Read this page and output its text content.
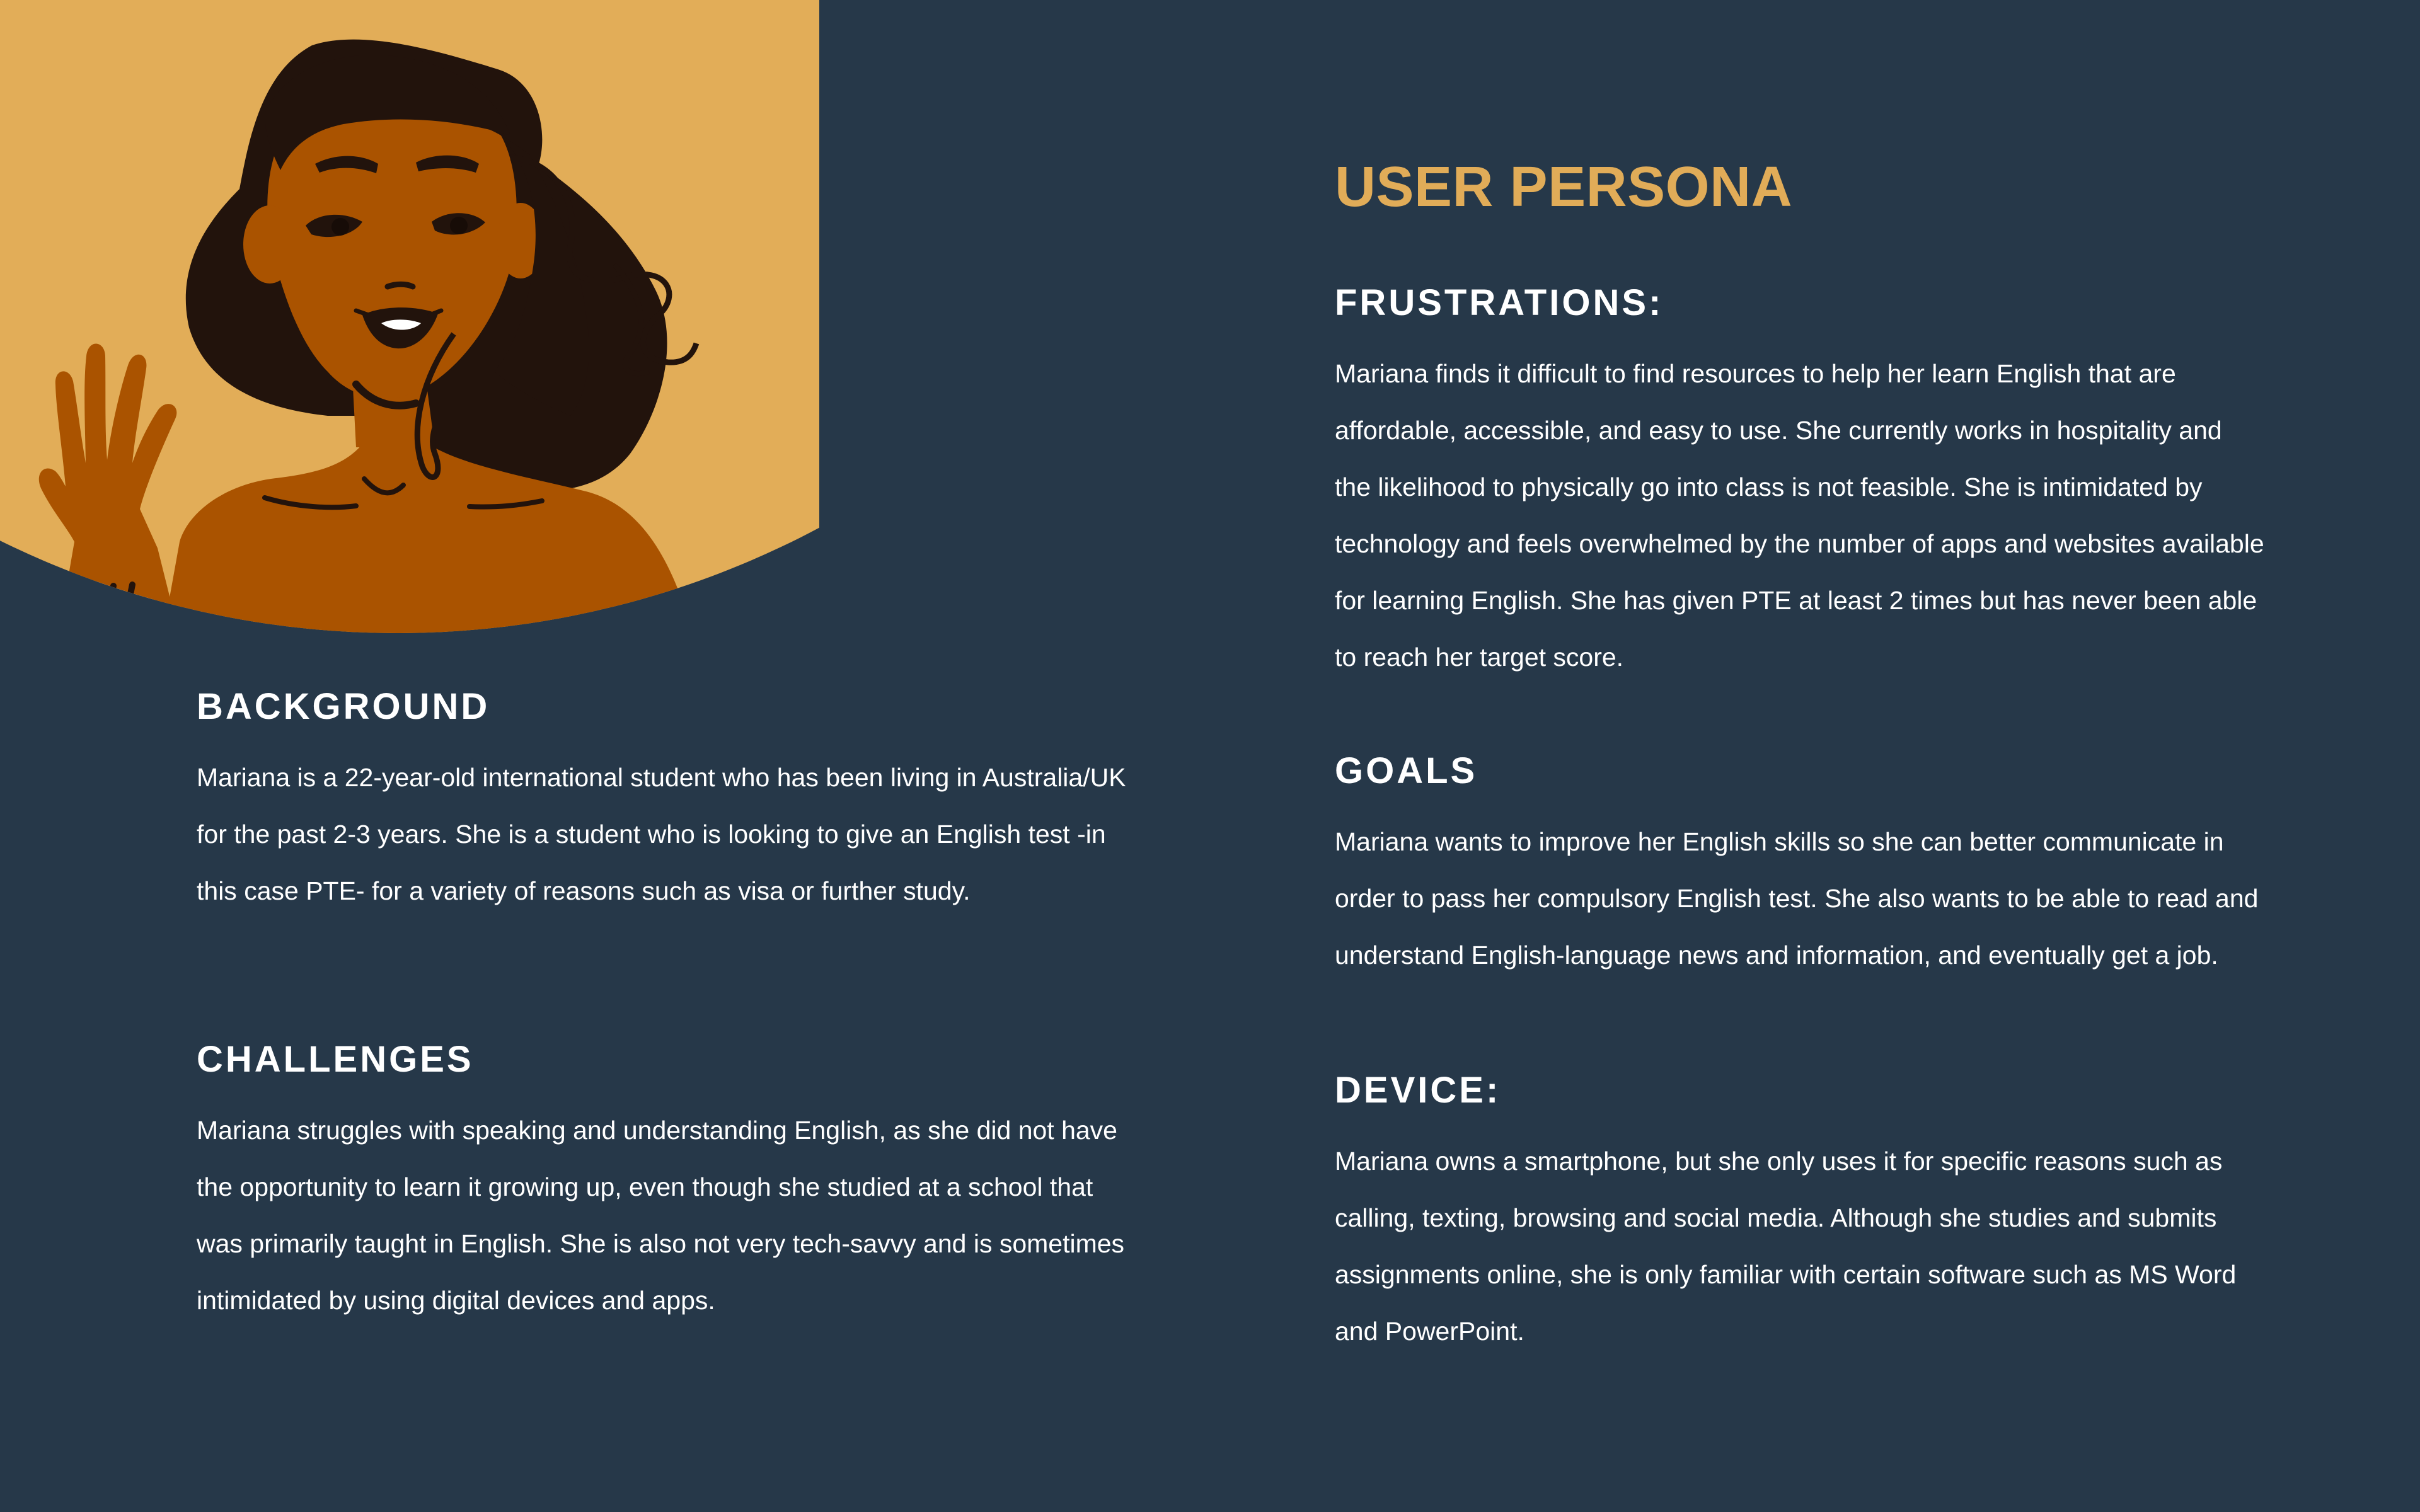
USER PERSONA
BACKGROUND

Mariana is a 22-year-old international student who has been living in Australia/UK
for the past 2-3 years. She is a student who is looking to give an English test -in
this case PTE- for a variety of reasons such as visa or further study.

CHALLENGES

Mariana struggles with speaking and understanding English, as she did not have
the opportunity to learn it growing up, even though she studied at a school that
was primarily taught in English. She is also not very tech-savvy and is sometimes
intimidated by using digital devices and apps.

FRUSTRATIONS:

Mariana finds it difficult to find resources to help her learn English that are
affordable, accessible, and easy to use. She currently works in hospitality and
the likelihood to physically go into class is not feasible. She is intimidated by
technology and feels overwhelmed by the number of apps and websites available
for learning English. She has given PTE at least 2 times but has never been able
to reach her target score.

GOALS

Mariana wants to improve her English skills so she can better communicate in
order to pass her compulsory English test. She also wants to be able to read and
understand English-language news and information, and eventually get a job.

DEVICE:

Mariana owns a smartphone, but she only uses it for specific reasons such as
calling, texting, browsing and social media. Although she studies and submits
assignments online, she is only familiar with certain software such as MS Word
and PowerPoint.
